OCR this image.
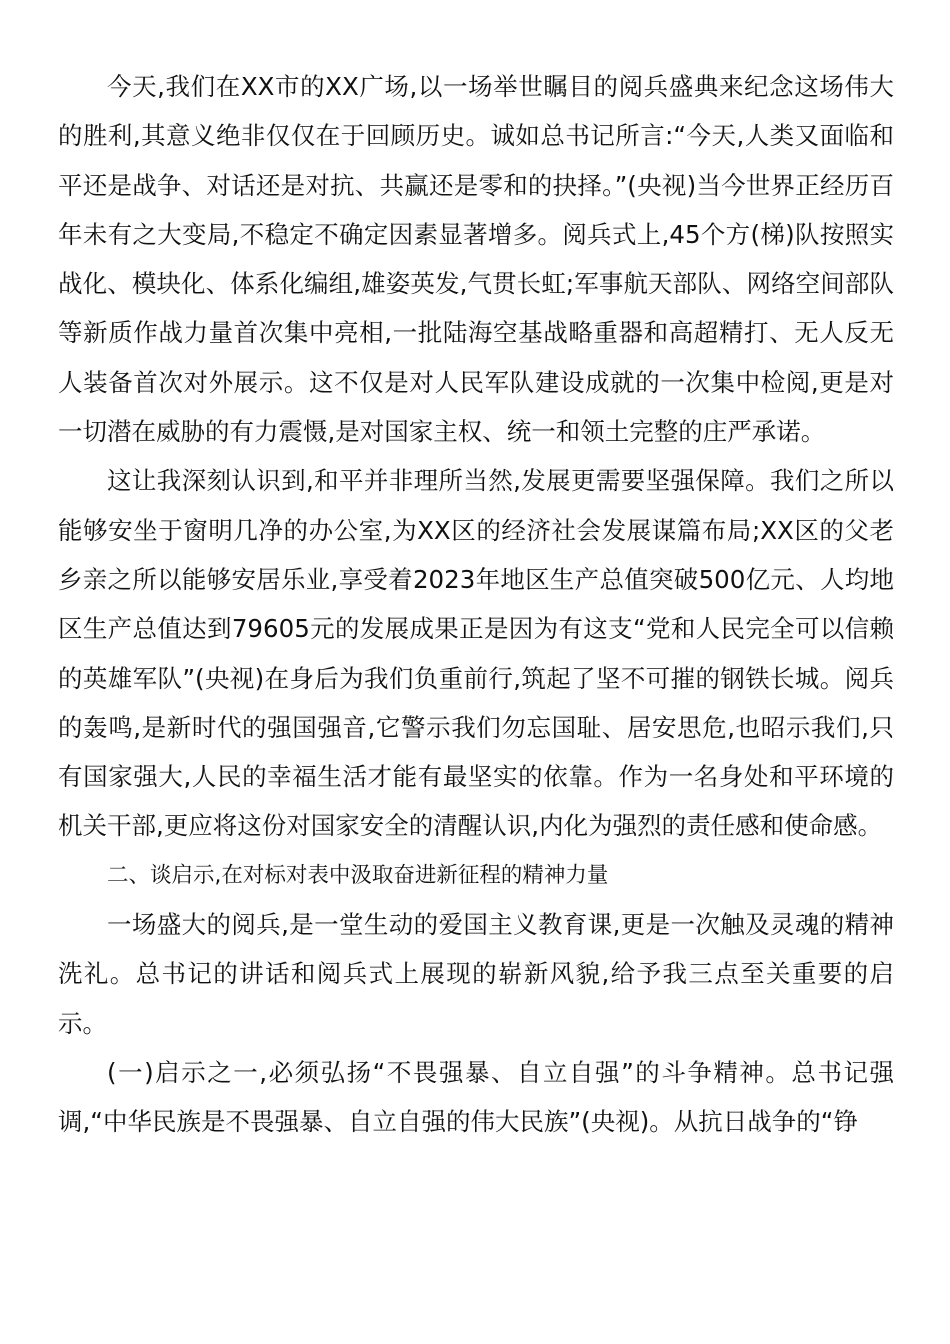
今天,我们在XX市的XX广场,以一场举世瞩目的阅兵盛典来纪念这场伟大的胜利,其意义绝非仅仅在于回顾历史。诚如总书记所言:“今天,人类又面临和平还是战争、对话还是对抗、共赢还是零和的抉择。”(央视)当今世界正经历百年未有之大变局,不稳定不确定因素显著增多。阅兵式上,45个方(梯)队按照实战化、模块化、体系化编组,雄姿英发,气贯长虹;军事航天部队、网络空间部队等新质作战力量首次集中亮相,一批陆海空基战略重器和高超精打、无人反无人装备首次对外展示。这不仅是对人民军队建设成就的一次集中检阅,更是对一切潜在威胁的有力震慑,是对国家主权、统一和领土完整的庄严承诺。

这让我深刻认识到,和平并非理所当然,发展更需要坚强保障。我们之所以能够安坐于窗明几净的办公室,为XX区的经济社会发展谋篇布局;XX区的父老乡亲之所以能够安居乐业,享受着2023年地区生产总值突破500亿元、人均地区生产总值达到79605元的发展成果正是因为有这支“党和人民完全可以信赖的英雄军队”(央视)在身后为我们负重前行,筑起了坚不可摧的钢铁长城。阅兵的轰鸣,是新时代的强国强音,它警示我们勿忘国耻、居安思危,也昭示我们,只有国家强大,人民的幸福生活才能有最坚实的依靠。作为一名身处和平环境的机关干部,更应将这份对国家安全的清醒认识,内化为强烈的责任感和使命感。

二、谈启示,在对标对表中汲取奋进新征程的精神力量

一场盛大的阅兵,是一堂生动的爱国主义教育课,更是一次触及灵魂的精神洗礼。总书记的讲话和阅兵式上展现的崭新风貌,给予我三点至关重要的启示。

(一)启示之一,必须弘扬“不畏强暴、自立自强”的斗争精神。总书记强调,“中华民族是不畏强暴、自立自强的伟大民族”(央视)。从抗日战争的“铮
